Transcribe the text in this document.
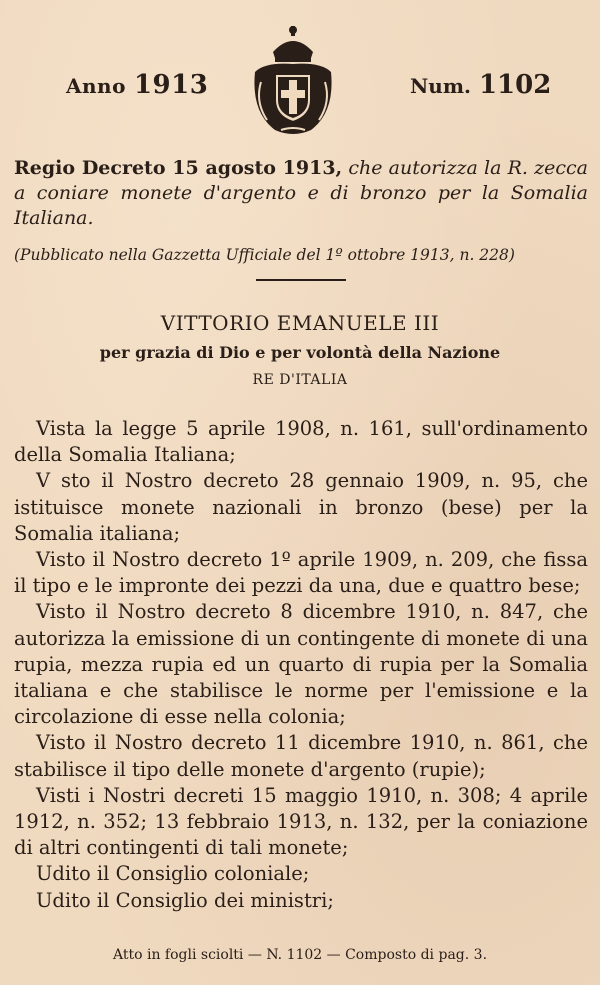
Anno 1913	Num. 1102
Regio Decreto 15 agosto 1913, che autorizza la R. zecca a coniare monete d'argento e di bronzo per la Somalia Italiana.
(Pubblicato nella Gazzetta Ufficiale del 1º ottobre 1913, n. 228)
VITTORIO EMANUELE III
per grazia di Dio e per volontà della Nazione
RE D'ITALIA

Vista la legge 5 aprile 1908, n. 161, sull'ordinamento della Somalia Italiana;

V sto il Nostro decreto 28 gennaio 1909, n. 95, che istituisce monete nazionali in bronzo (bese) per la Somalia italiana;

Visto il Nostro decreto 1º aprile 1909, n. 209, che fissa il tipo e le impronte dei pezzi da una, due e quattro bese;

Visto il Nostro decreto 8 dicembre 1910, n. 847, che autorizza la emissione di un contingente di monete di una rupia, mezza rupia ed un quarto di rupia per la Somalia italiana e che stabilisce le norme per l'emissione e la circolazione di esse nella colonia;

Visto il Nostro decreto 11 dicembre 1910, n. 861, che stabilisce il tipo delle monete d'argento (rupie);

Visti i Nostri decreti 15 maggio 1910, n. 308; 4 aprile 1912, n. 352; 13 febbraio 1913, n. 132, per la coniazione di altri contingenti di tali monete;

Udito il Consiglio coloniale;

Udito il Consiglio dei ministri;

Atto in fogli sciolti — N. 1102 — Composto di pag. 3.
